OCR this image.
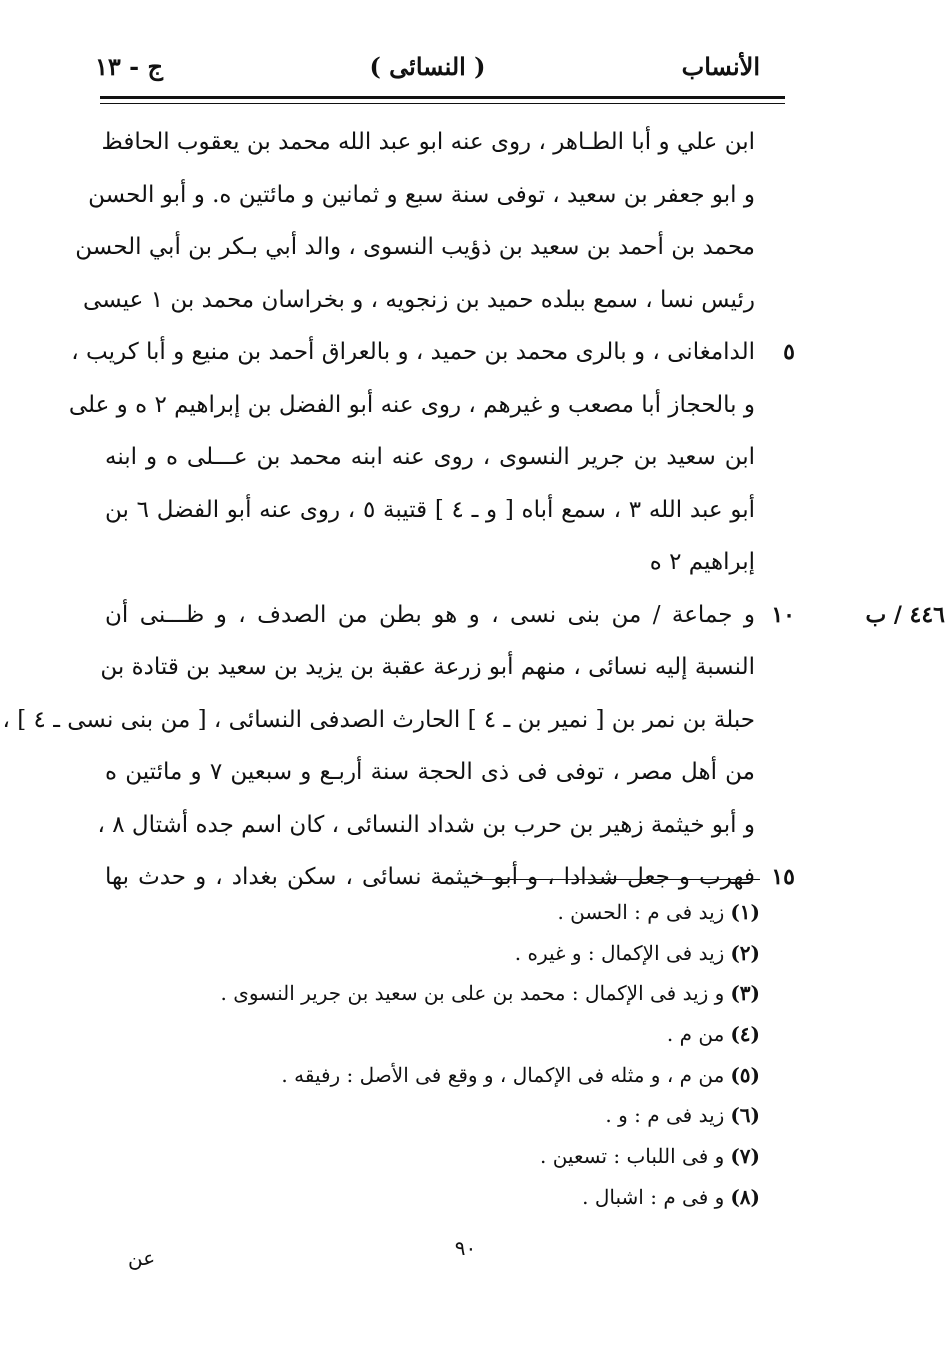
الأنساب
( النسائى )
ج - ١٣
ابن علي و أبا الطـاهر ، روى عنه ابو عبد الله محمد بن يعقوب الحافظ
و ابو جعفر بن سعيد ، توفى سنة سبع و ثمانين و مائتين ه. و أبو الحسن
محمد بن أحمد بن سعيد بن ذؤيب النسوى ، والد أبي بـكر بن أبي الحسن
رئيس نسا ، سمع ببلده حميد بن زنجويه ، و بخراسان محمد بن ١ عيسى
الدامغانى ، و بالرى محمد بن حميد ، و بالعراق أحمد بن منيع و أبا كريب ، ٥
و بالحجاز أبا مصعب و غيرهم ، روى عنه أبو الفضل بن إبراهيم ٢ ه و على
ابن سعيد بن جرير النسوى ، روى عنه ابنه محمد بن عـــلى ه و ابنه
أبو عبد الله ٣ ، سمع أباه [ و ـ ٤ ] قتيبة ٥ ، روى عنه أبو الفضل ٦ بن
إبراهيم ٢ ه
و جماعة / من بنى نسى ، و هو بطن من الصدف ، و ظـــنى أن ١٠	٤٤٦ / ب
النسبة إليه نسائى ، منهم أبو زرعة عقبة بن يزيد بن سعيد بن قتادة بن
حبلة بن نمر بن [ نمير بن ـ ٤ ] الحارث الصدفى النسائى ، [ من بنى نسى ـ ٤ ] ،
من أهل مصر ، توفى فى ذى الحجة سنة أربـع و سبعين ٧ و مائتين ه
و أبو خيثمة زهير بن حرب بن شداد النسائى ، كان اسم جده أشتال ٨ ،
فهرب و جعل شدادا ، و أبو خيثمة نسائى ، سكن بغداد ، و حدث بها ١٥
(١)زيد فى م : الحسن .
(٢)زيد فى الإكمال : و غيره .
(٣)و زيد فى الإكمال : محمد بن على بن سعيد بن جرير النسوى .
(٤)من م .
(٥)من م ، و مثله فى الإكمال ، و وقع فى الأصل : رفيقه .
(٦)زيد فى م : و .
(٧)و فى اللباب : تسعين .
(٨)و فى م : اشبال .
٩٠
عن
